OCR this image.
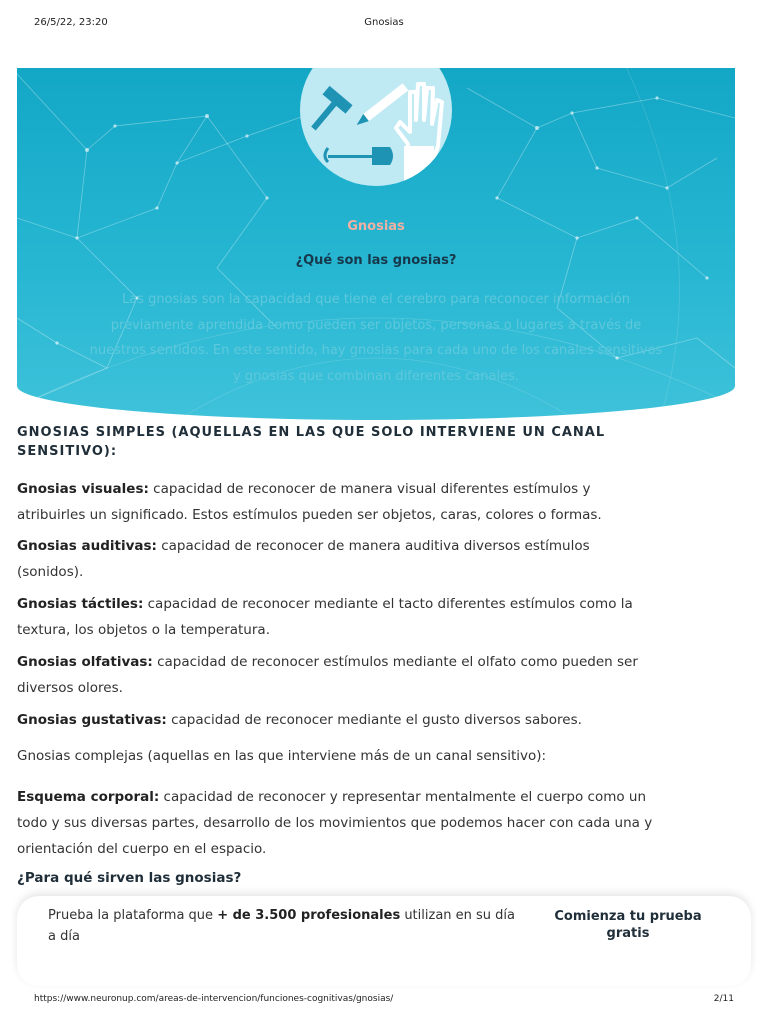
26/5/22, 23:20	Gnosias
Gnosias
¿Qué son las gnosias?
Las gnosias son la capacidad que tiene el cerebro para reconocer información previamente aprendida como pueden ser objetos, personas o lugares a través de nuestros sentidos. En este sentido, hay gnosias para cada uno de los canales sensitivos y gnosias que combinan diferentes canales.
GNOSIAS SIMPLES (AQUELLAS EN LAS QUE SOLO INTERVIENE UN CANAL SENSITIVO):
Gnosias visuales: capacidad de reconocer de manera visual diferentes estímulos y atribuirles un significado. Estos estímulos pueden ser objetos, caras, colores o formas.
Gnosias auditivas: capacidad de reconocer de manera auditiva diversos estímulos (sonidos).
Gnosias táctiles: capacidad de reconocer mediante el tacto diferentes estímulos como la textura, los objetos o la temperatura.
Gnosias olfativas: capacidad de reconocer estímulos mediante el olfato como pueden ser diversos olores.
Gnosias gustativas: capacidad de reconocer mediante el gusto diversos sabores.
Gnosias complejas (aquellas en las que interviene más de un canal sensitivo):
Esquema corporal: capacidad de reconocer y representar mentalmente el cuerpo como un todo y sus diversas partes, desarrollo de los movimientos que podemos hacer con cada una y orientación del cuerpo en el espacio.
¿Para qué sirven las gnosias?
Prueba la plataforma que + de 3.500 profesionales utilizan en su día a día
Comienza tu prueba gratis
https://www.neuronup.com/areas-de-intervencion/funciones-cognitivas/gnosias/	2/11
